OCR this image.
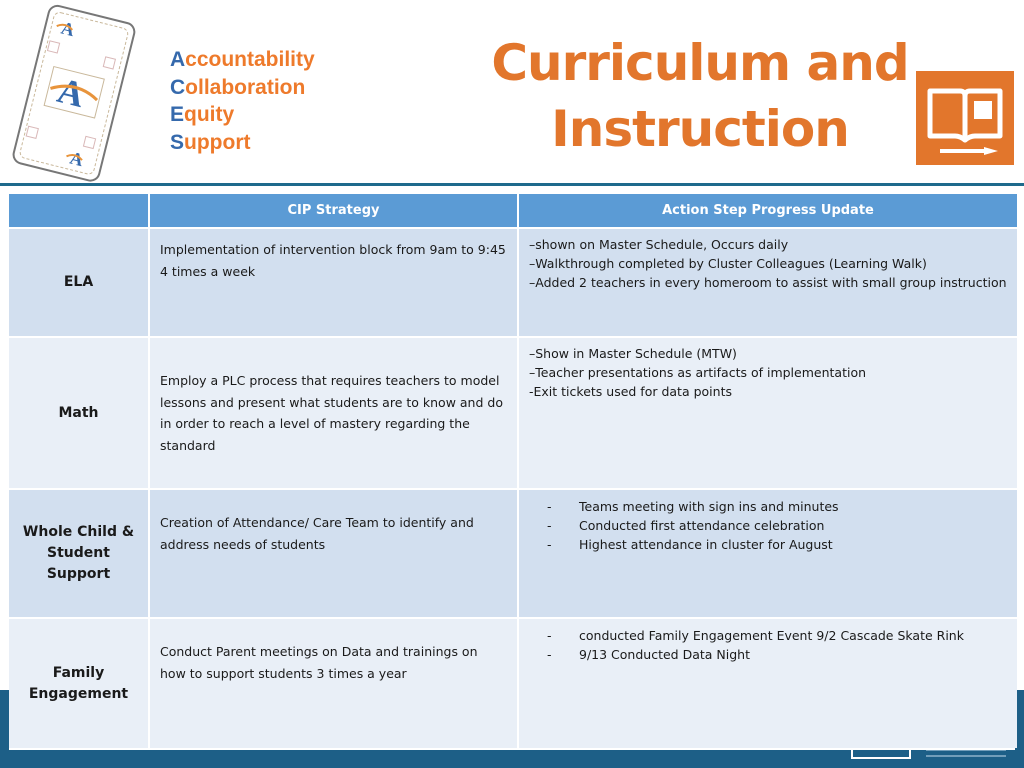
A
A
A
Accountability
Collaboration
Equity
Support
Curriculum and
Instruction
CIP Strategy	Action Step Progress Update
ELA
Implementation of intervention block from 9am to 9:45 4 times a week
–shown on Master Schedule, Occurs daily
–Walkthrough completed by Cluster Colleagues (Learning Walk)
–Added 2 teachers in every homeroom to assist with small group instruction
Math
Employ a PLC process that requires teachers to model lessons and present what students are to know and do in order to reach a level of mastery regarding the standard
–Show in Master Schedule (MTW)
–Teacher presentations as artifacts of implementation
-Exit tickets used for data points
Whole Child & Student Support
Creation of Attendance/ Care Team to identify and address needs of students
- Teams meeting with sign ins and minutes
- Conducted first attendance celebration
- Highest attendance in cluster for August
Family Engagement
Conduct Parent meetings on Data and trainings on how to support students 3 times a year
- conducted Family Engagement Event 9/2 Cascade Skate Rink
- 9/13 Conducted Data Night
